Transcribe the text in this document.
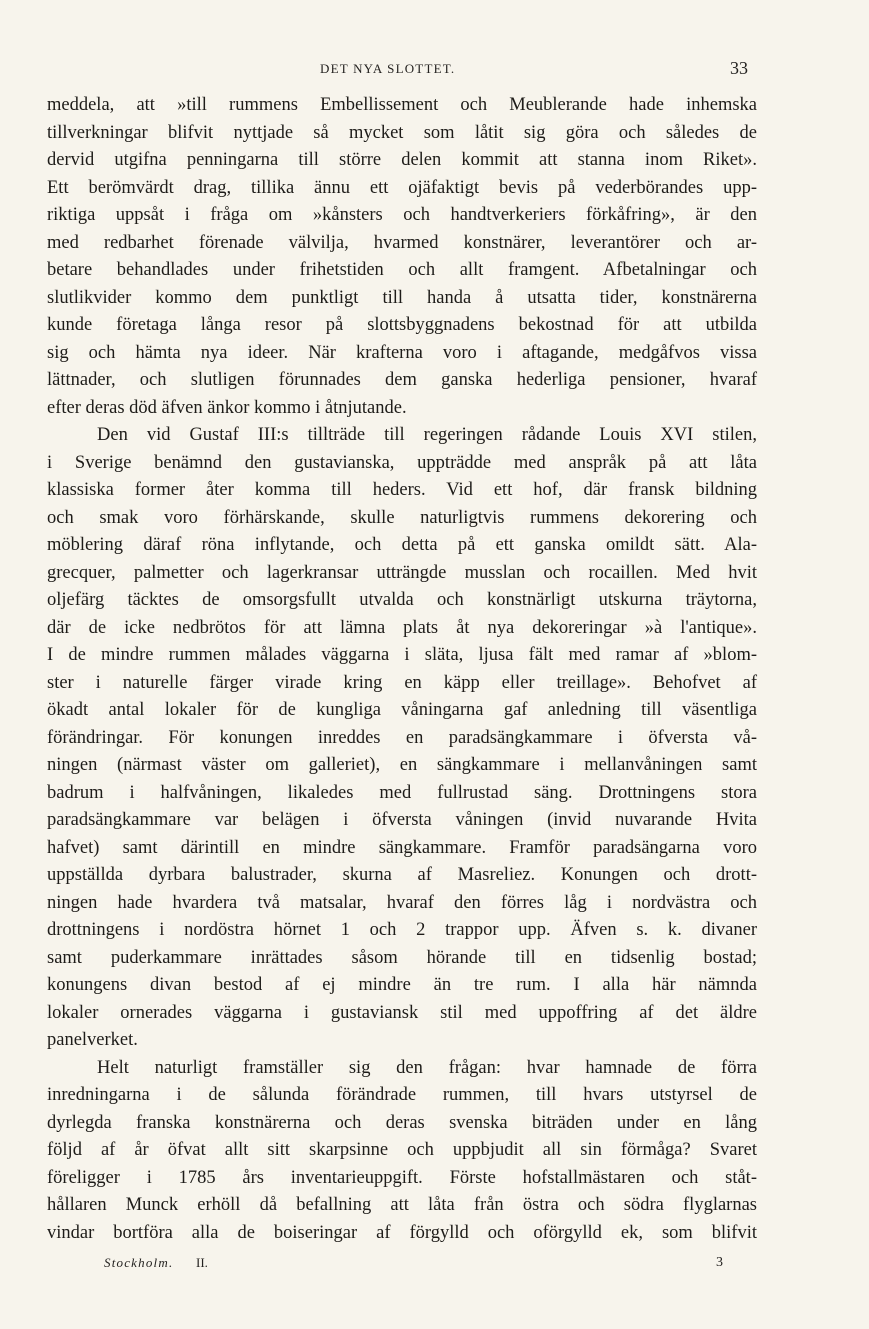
DET NYA SLOTTET.	33
meddela, att »till rummens Embellissement och Meublerande hade inhemska
tillverkningar blifvit nyttjade så mycket som låtit sig göra och således de
dervid utgifna penningarna till större delen kommit att stanna inom Riket».
Ett berömvärdt drag, tillika ännu ett ojäfaktigt bevis på vederbörandes upp-
riktiga uppsåt i fråga om »kånsters och handtverkeriers förkåfring», är den
med redbarhet förenade välvilja, hvarmed konstnärer, leverantörer och ar-
betare behandlades under frihetstiden och allt framgent. Afbetalningar och
slutlikvider kommo dem punktligt till handa å utsatta tider, konstnärerna
kunde företaga långa resor på slottsbyggnadens bekostnad för att utbilda
sig och hämta nya ideer. När krafterna voro i aftagande, medgåfvos vissa
lättnader, och slutligen förunnades dem ganska hederliga pensioner, hvaraf
efter deras död äfven änkor kommo i åtnjutande.
Den vid Gustaf III:s tillträde till regeringen rådande Louis XVI stilen,
i Sverige benämnd den gustavianska, uppträdde med anspråk på att låta
klassiska former åter komma till heders. Vid ett hof, där fransk bildning
och smak voro förhärskande, skulle naturligtvis rummens dekorering och
möblering däraf röna inflytande, och detta på ett ganska omildt sätt. Ala-
grecquer, palmetter och lagerkransar utträngde musslan och rocaillen. Med hvit
oljefärg täcktes de omsorgsfullt utvalda och konstnärligt utskurna träytorna,
där de icke nedbrötos för att lämna plats åt nya dekoreringar »à l'antique».
I de mindre rummen målades väggarna i släta, ljusa fält med ramar af »blom-
ster i naturelle färger virade kring en käpp eller treillage». Behofvet af
ökadt antal lokaler för de kungliga våningarna gaf anledning till väsentliga
förändringar. För konungen inreddes en paradsängkammare i öfversta vå-
ningen (närmast väster om galleriet), en sängkammare i mellanvåningen samt
badrum i halfvåningen, likaledes med fullrustad säng. Drottningens stora
paradsängkammare var belägen i öfversta våningen (invid nuvarande Hvita
hafvet) samt därintill en mindre sängkammare. Framför paradsängarna voro
uppställda dyrbara balustrader, skurna af Masreliez. Konungen och drott-
ningen hade hvardera två matsalar, hvaraf den förres låg i nordvästra och
drottningens i nordöstra hörnet 1 och 2 trappor upp. Äfven s. k. divaner
samt puderkammare inrättades såsom hörande till en tidsenlig bostad;
konungens divan bestod af ej mindre än tre rum. I alla här nämnda
lokaler ornerades väggarna i gustaviansk stil med uppoffring af det äldre
panelverket.
Helt naturligt framställer sig den frågan: hvar hamnade de förra
inredningarna i de sålunda förändrade rummen, till hvars utstyrsel de
dyrlegda franska konstnärerna och deras svenska biträden under en lång
följd af år öfvat allt sitt skarpsinne och uppbjudit all sin förmåga? Svaret
föreligger i 1785 års inventarieuppgift. Förste hofstallmästaren och ståt-
hållaren Munck erhöll då befallning att låta från östra och södra flyglarnas
vindar bortföra alla de boiseringar af förgylld och oförgylld ek, som blifvit
Stockholm. II.	3
